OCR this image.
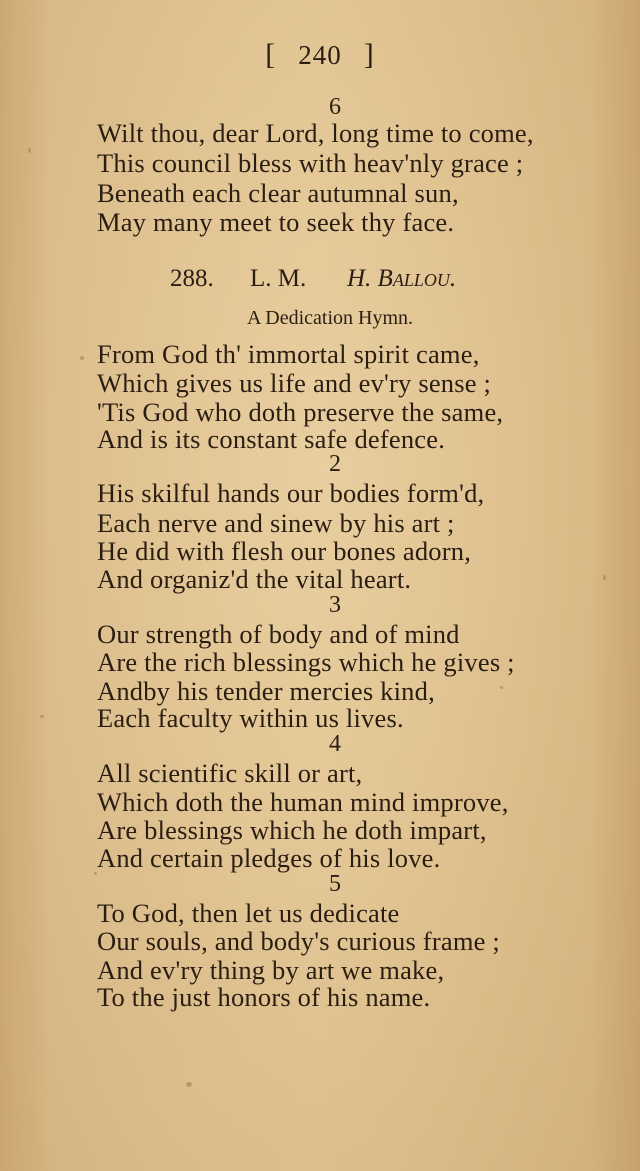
[ 240 ]
6
Wilt thou, dear Lord, long time to come,
This council bless with heav'nly grace ;
Beneath each clear autumnal sun,
May many meet to seek thy face.
288. L. M. H. Ballou.
A Dedication Hymn.
From God th' immortal spirit came,
Which gives us life and ev'ry sense ;
'Tis God who doth preserve the same,
And is its constant safe defence.
2
His skilful hands our bodies form'd,
Each nerve and sinew by his art ;
He did with flesh our bones adorn,
And organiz'd the vital heart.
3
Our strength of body and of mind
Are the rich blessings which he gives ;
Andby his tender mercies kind,
Each faculty within us lives.
4
All scientific skill or art,
Which doth the human mind improve,
Are blessings which he doth impart,
And certain pledges of his love.
5
To God, then let us dedicate
Our souls, and body's curious frame ;
And ev'ry thing by art we make,
To the just honors of his name.
